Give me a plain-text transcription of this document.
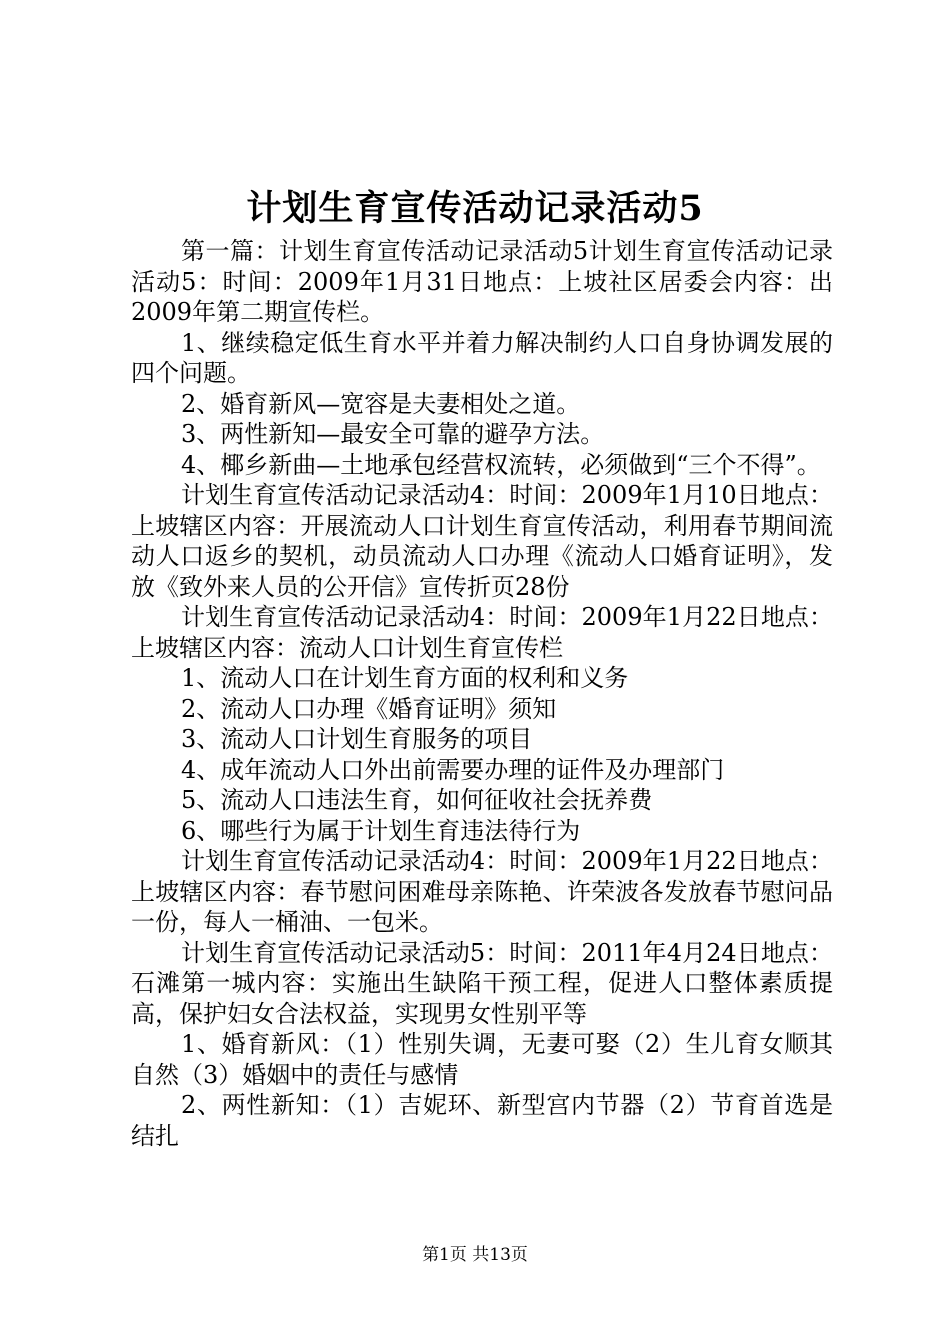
计划生育宣传活动记录活动5

第一篇：计划生育宣传活动记录活动5计划生育宣传活动记录活动5：时间：2009年1月31日地点：上坡社区居委会内容：出2009年第二期宣传栏。

1、继续稳定低生育水平并着力解决制约人口自身协调发展的四个问题。

2、婚育新风—宽容是夫妻相处之道。

3、两性新知—最安全可靠的避孕方法。

4、椰乡新曲—土地承包经营权流转，必须做到“三个不得”。

计划生育宣传活动记录活动4：时间：2009年1月10日地点：上坡辖区内容：开展流动人口计划生育宣传活动，利用春节期间流动人口返乡的契机，动员流动人口办理《流动人口婚育证明》，发放《致外来人员的公开信》宣传折页28份

计划生育宣传活动记录活动4：时间：2009年1月22日地点：上坡辖区内容：流动人口计划生育宣传栏

1、流动人口在计划生育方面的权利和义务

2、流动人口办理《婚育证明》须知

3、流动人口计划生育服务的项目

4、成年流动人口外出前需要办理的证件及办理部门

5、流动人口违法生育，如何征收社会抚养费

6、哪些行为属于计划生育违法待行为

计划生育宣传活动记录活动4：时间：2009年1月22日地点：上坡辖区内容：春节慰问困难母亲陈艳、许荣波各发放春节慰问品一份，每人一桶油、一包米。

计划生育宣传活动记录活动5：时间：2011年4月24日地点：石滩第一城内容：实施出生缺陷干预工程，促进人口整体素质提高，保护妇女合法权益，实现男女性别平等

1、婚育新风：（1）性别失调，无妻可娶（2）生儿育女顺其自然（3）婚姻中的责任与感情

2、两性新知：（1）吉妮环、新型宫内节器（2）节育首选是结扎

第1页 共13页
